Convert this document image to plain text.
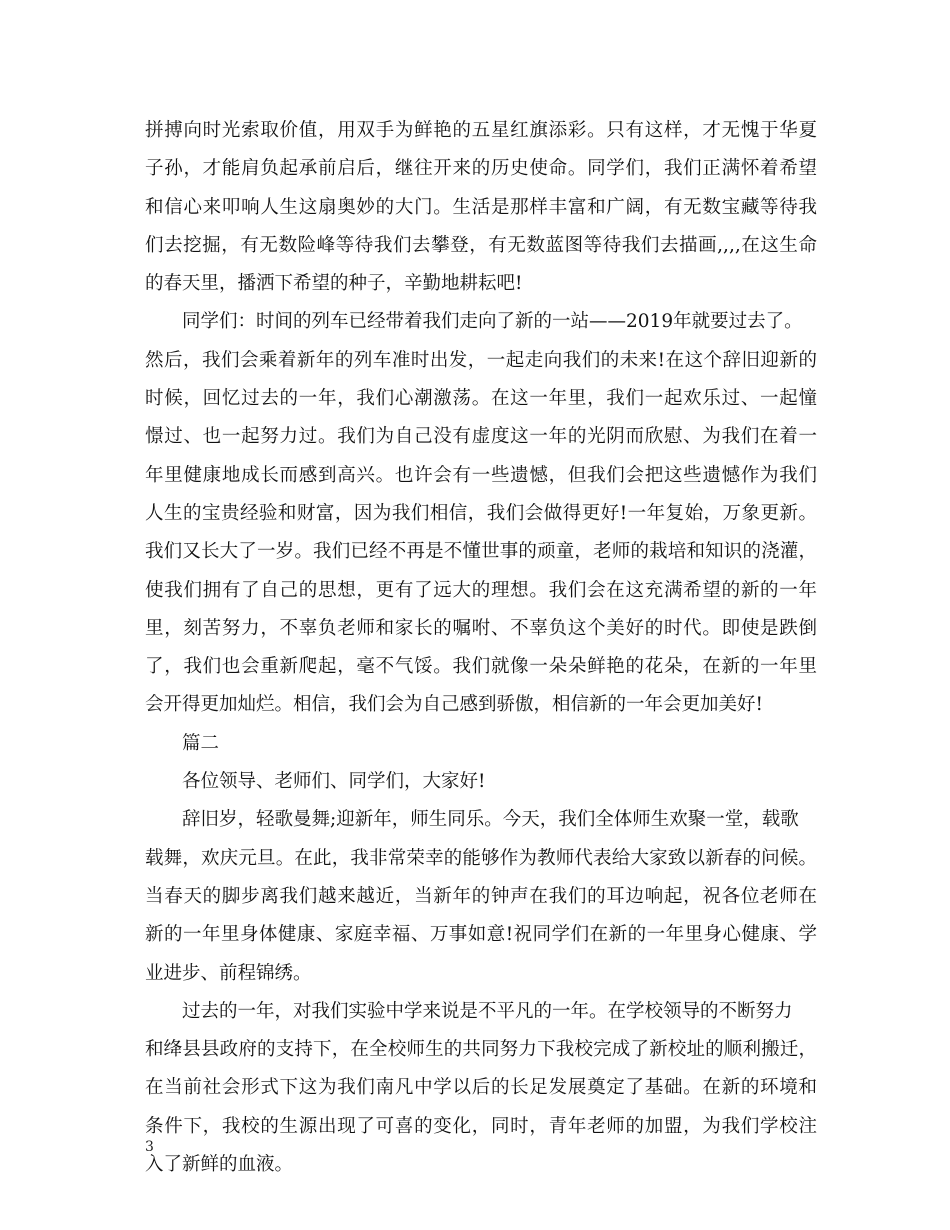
拼搏向时光索取价值，用双手为鲜艳的五星红旗添彩。只有这样，才无愧于华夏
子孙，才能肩负起承前启后，继往开来的历史使命。同学们，我们正满怀着希望
和信心来叩响人生这扇奥妙的大门。生活是那样丰富和广阔，有无数宝藏等待我
们去挖掘，有无数险峰等待我们去攀登，有无数蓝图等待我们去描画,,,,在这生命
的春天里，播洒下希望的种子，辛勤地耕耘吧!
同学们：时间的列车已经带着我们走向了新的一站——2019年就要过去了。
然后，我们会乘着新年的列车准时出发，一起走向我们的未来!在这个辞旧迎新的
时候，回忆过去的一年，我们心潮激荡。在这一年里，我们一起欢乐过、一起憧
憬过、也一起努力过。我们为自己没有虚度这一年的光阴而欣慰、为我们在着一
年里健康地成长而感到高兴。也许会有一些遗憾，但我们会把这些遗憾作为我们
人生的宝贵经验和财富，因为我们相信，我们会做得更好!一年复始，万象更新。
我们又长大了一岁。我们已经不再是不懂世事的顽童，老师的栽培和知识的浇灌，
使我们拥有了自己的思想，更有了远大的理想。我们会在这充满希望的新的一年
里，刻苦努力，不辜负老师和家长的嘱咐、不辜负这个美好的时代。即使是跌倒
了，我们也会重新爬起，毫不气馁。我们就像一朵朵鲜艳的花朵，在新的一年里
会开得更加灿烂。相信，我们会为自己感到骄傲，相信新的一年会更加美好!
篇二
各位领导、老师们、同学们，大家好!
辞旧岁，轻歌曼舞;迎新年，师生同乐。今天，我们全体师生欢聚一堂，载歌
载舞，欢庆元旦。在此，我非常荣幸的能够作为教师代表给大家致以新春的问候。
当春天的脚步离我们越来越近，当新年的钟声在我们的耳边响起，祝各位老师在
新的一年里身体健康、家庭幸福、万事如意!祝同学们在新的一年里身心健康、学
业进步、前程锦绣。
过去的一年，对我们实验中学来说是不平凡的一年。在学校领导的不断努力
和绛县县政府的支持下，在全校师生的共同努力下我校完成了新校址的顺利搬迁，
在当前社会形式下这为我们南凡中学以后的长足发展奠定了基础。在新的环境和
条件下，我校的生源出现了可喜的变化，同时，青年老师的加盟，为我们学校注
入了新鲜的血液。
3
